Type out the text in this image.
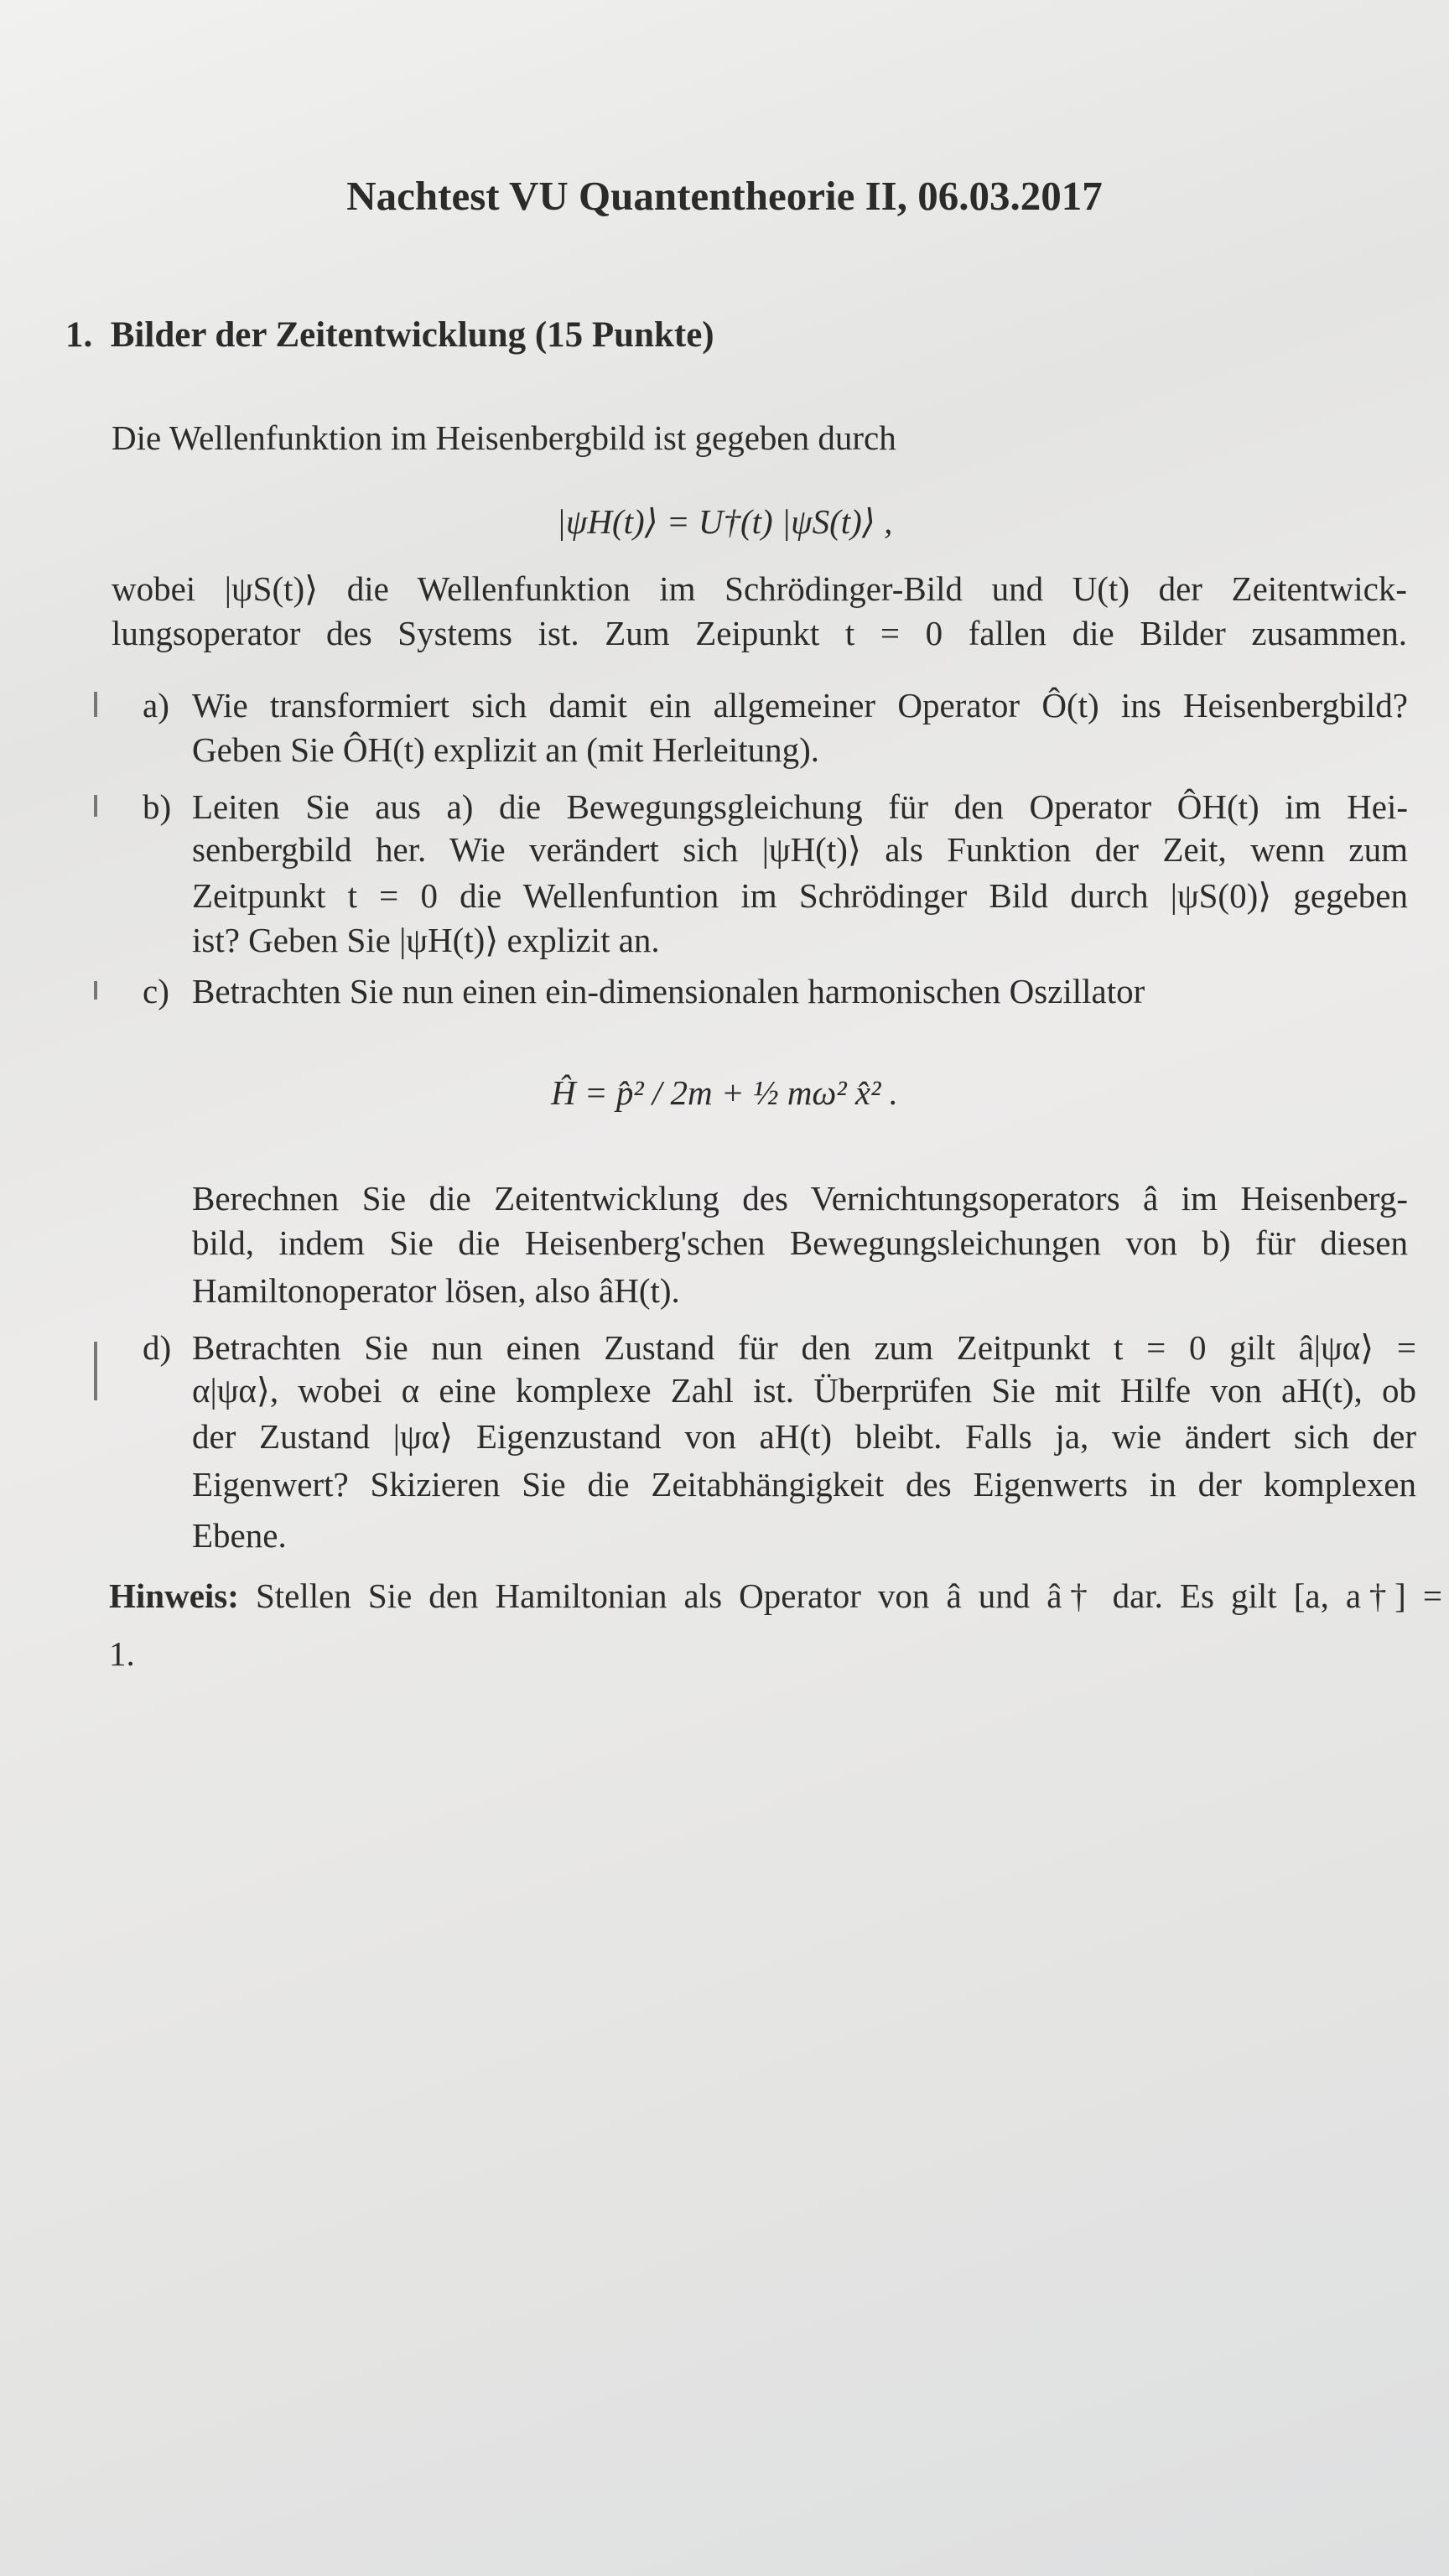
Nachtest VU Quantentheorie II, 06.03.2017
1. Bilder der Zeitentwicklung (15 Punkte)
Die Wellenfunktion im Heisenbergbild ist gegeben durch
|ψH(t)⟩ = U†(t) |ψS(t)⟩ ,
wobei |ψS(t)⟩ die Wellenfunktion im Schrödinger-Bild und U(t) der Zeitentwick-
lungsoperator des Systems ist. Zum Zeipunkt t = 0 fallen die Bilder zusammen.
a) Wie transformiert sich damit ein allgemeiner Operator Ô(t) ins Heisenbergbild?
Geben Sie ÔH(t) explizit an (mit Herleitung).
b) Leiten Sie aus a) die Bewegungsgleichung für den Operator ÔH(t) im Hei-
senbergbild her. Wie verändert sich |ψH(t)⟩ als Funktion der Zeit, wenn zum
Zeitpunkt t = 0 die Wellenfuntion im Schrödinger Bild durch |ψS(0)⟩ gegeben
ist? Geben Sie |ψH(t)⟩ explizit an.
c) Betrachten Sie nun einen ein-dimensionalen harmonischen Oszillator
Ĥ = p̂² / 2m + ½ mω² x̂² .
Berechnen Sie die Zeitentwicklung des Vernichtungsoperators â im Heisenberg-
bild, indem Sie die Heisenberg'schen Bewegungsleichungen von b) für diesen
Hamiltonoperator lösen, also âH(t).
d) Betrachten Sie nun einen Zustand für den zum Zeitpunkt t = 0 gilt â|ψα⟩ =
α|ψα⟩, wobei α eine komplexe Zahl ist. Überprüfen Sie mit Hilfe von aH(t), ob
der Zustand |ψα⟩ Eigenzustand von aH(t) bleibt. Falls ja, wie ändert sich der
Eigenwert? Skizieren Sie die Zeitabhängigkeit des Eigenwerts in der komplexen
Ebene.
Hinweis: Stellen Sie den Hamiltonian als Operator von â und â† dar. Es gilt [a, a†] =
1.
